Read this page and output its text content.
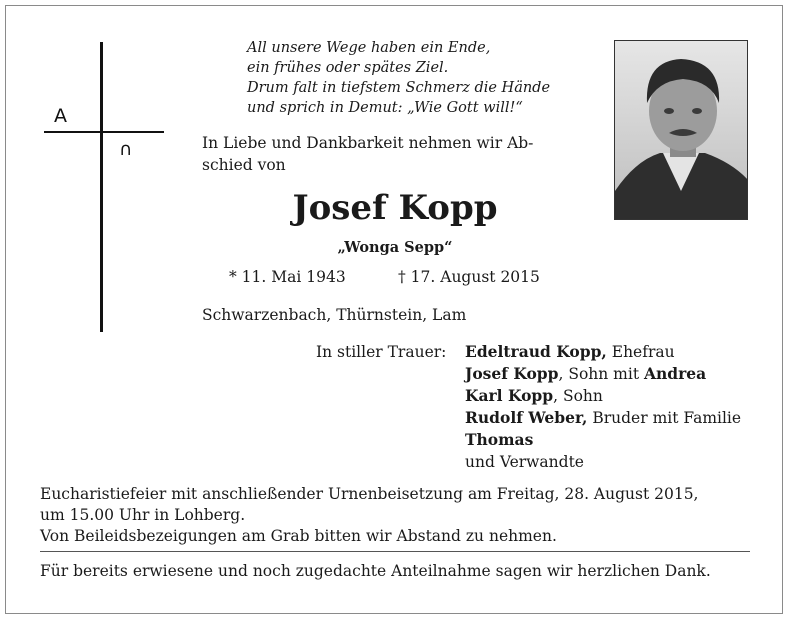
A
∩
All unsere Wege haben ein Ende,
ein frühes oder spätes Ziel.
Drum falt in tiefstem Schmerz die Hände
und sprich in Demut: „Wie Gott will!“
In Liebe und Dankbarkeit nehmen wir Ab-
schied von
Josef Kopp
„Wonga Sepp“
* 11. Mai 1943	† 17. August 2015
Schwarzenbach, Thürnstein, Lam
In stiller Trauer: Edeltraud Kopp, Ehefrau
Josef Kopp, Sohn mit Andrea
Karl Kopp, Sohn
Rudolf Weber, Bruder mit Familie
Thomas
und Verwandte
Eucharistiefeier mit anschließender Urnenbeisetzung am Freitag, 28. August 2015,
um 15.00 Uhr in Lohberg.
Von Beileidsbezeigungen am Grab bitten wir Abstand zu nehmen.
Für bereits erwiesene und noch zugedachte Anteilnahme sagen wir herzlichen Dank.
